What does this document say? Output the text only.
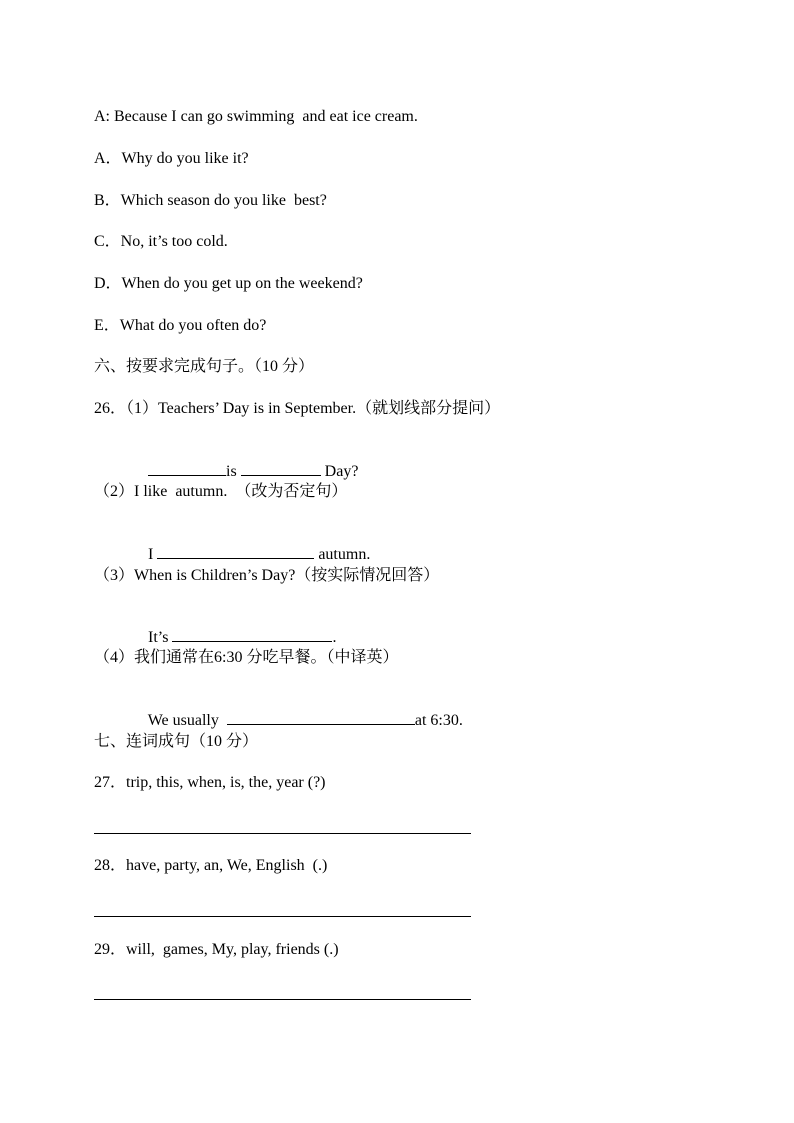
A: Because I can go swimming  and eat ice cream.
A．Why do you like it?
B．Which season do you like  best?
C．No, it’s too cold.
D．When do you get up on the weekend?
E．What do you often do?
六、按要求完成句子。（10 分）
26．（1）Teachers’ Day is in September.（就划线部分提问）

is	Day?

（2）I like  autumn.  （改为否定句）

I	autumn.

（3）When is Children’s Day?（按实际情况回答）

It’s	.

（4）我们通常在6:30 分吃早餐。（中译英）

We usually	at 6:30.

七、连词成句（10 分）
27．trip, this, when, is, the, year (?)
28．have, party, an, We, English  (.)
29．will,  games, My, play, friends (.)
